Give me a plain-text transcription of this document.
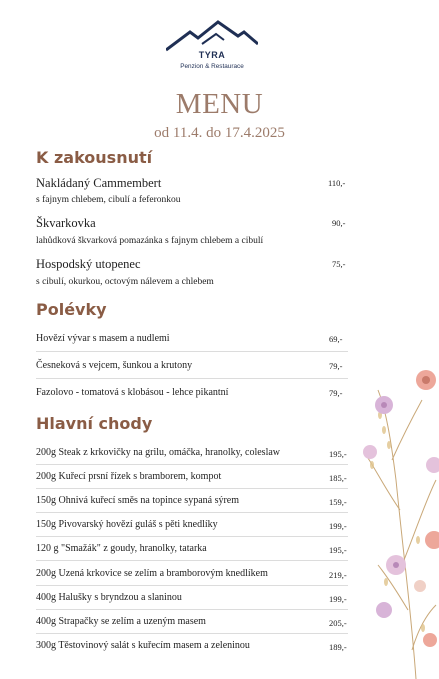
TYRA
Penzion & Restaurace
MENU
od 11.4. do 17.4.2025
K zakousnutí
Nakládaný Cammembert
s fajnym chlebem, cibulí a feferonkou
110,-
Škvarkovka
lahůdková škvarková pomazánka s fajnym chlebem a cibulí
90,-
Hospodský utopenec
s cibulí, okurkou, octovým nálevem a chlebem
75,-
Polévky
Hovězí vývar s masem a nudlemi	69,-
Česneková s vejcem, šunkou a krutony	79,-
Fazolovo - tomatová s klobásou - lehce pikantní	79,-
Hlavní chody
200g Steak z krkovičky na grilu, omáčka, hranolky, coleslaw	195,-
200g Kuřecí prsní řízek s bramborem, kompot	185,-
150g Ohnivá kuřecí směs na topince sypaná sýrem	159,-
150g Pivovarský hovězí guláš s pěti knedlíky	199,-
120 g "Smažák" z goudy, hranolky, tatarka	195,-
200g Uzená krkovice se zelím a bramborovým knedlíkem	219,-
400g Halušky s bryndzou a slaninou	199,-
400g Strapačky se zelím a uzeným masem	205,-
300g Těstovinový salát s kuřecím masem a zeleninou	189,-
